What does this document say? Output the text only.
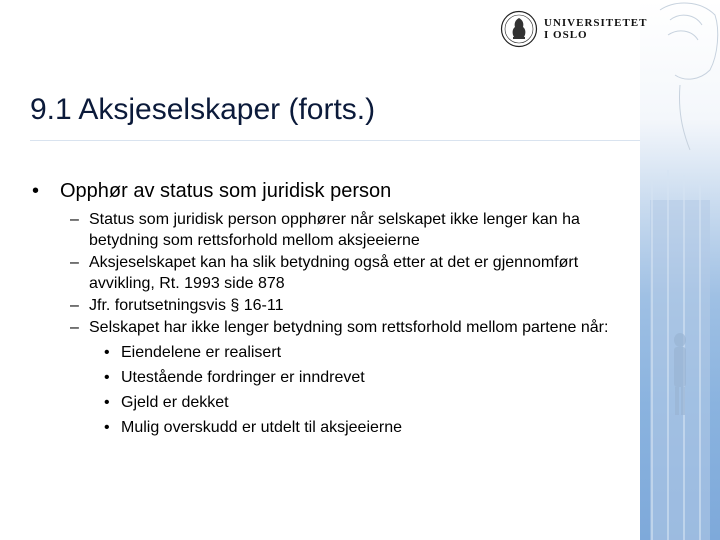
UNIVERSITETET
I OSLO
9.1 Aksjeselskaper (forts.)
• Opphør av status som juridisk person
– Status som juridisk person opphører når selskapet ikke lenger kan ha betydning som rettsforhold mellom aksjeeierne
– Aksjeselskapet kan ha slik betydning også etter at det er gjennomført avvikling, Rt. 1993 side 878
– Jfr. forutsetningsvis § 16-11
– Selskapet har ikke lenger betydning som rettsforhold mellom partene når:
• Eiendelene er realisert
• Utestående fordringer er inndrevet
• Gjeld er dekket
• Mulig overskudd er utdelt til aksjeeierne
